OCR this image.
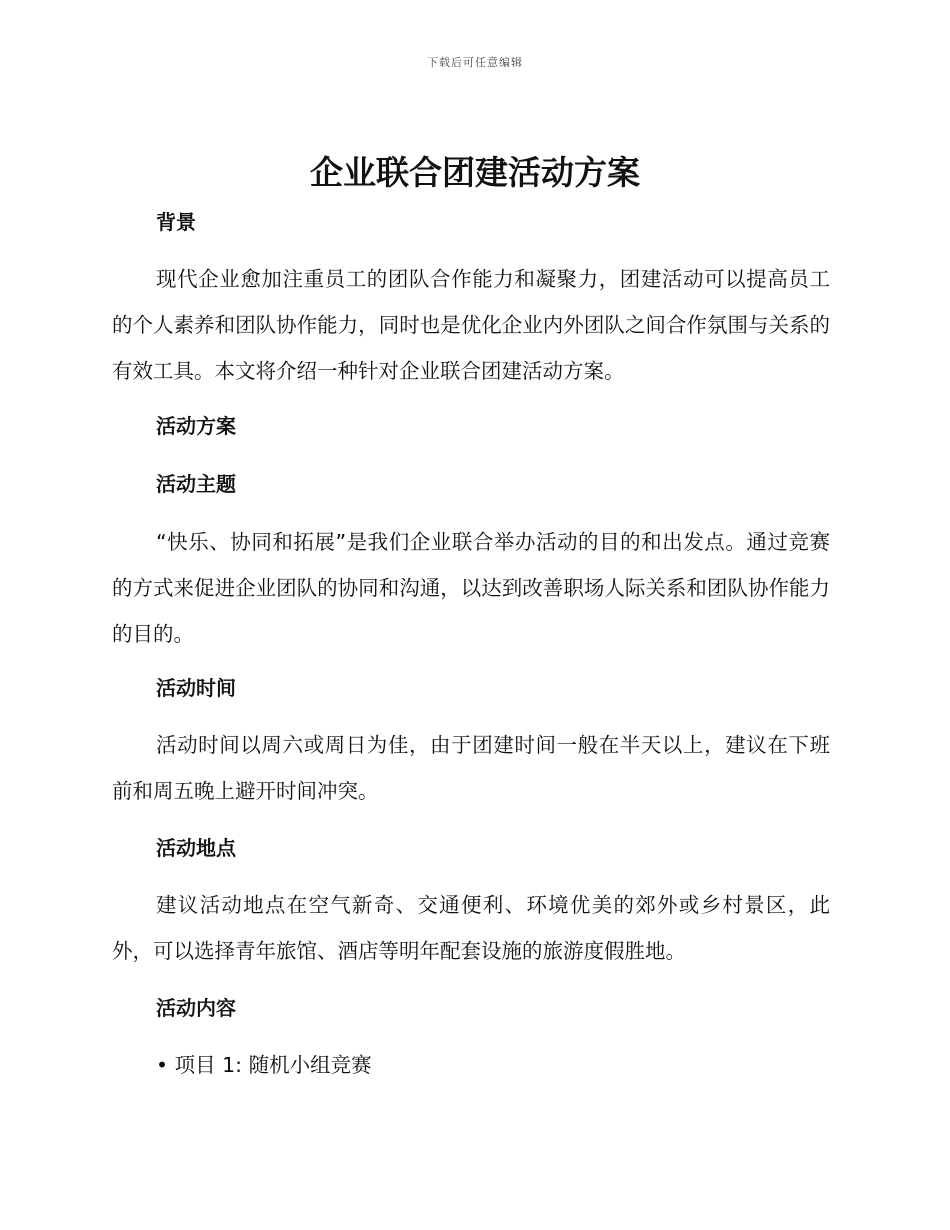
下载后可任意编辑
企业联合团建活动方案
背景

现代企业愈加注重员工的团队合作能力和凝聚力，团建活动可以提高员工的个人素养和团队协作能力，同时也是优化企业内外团队之间合作氛围与关系的有效工具。本文将介绍一种针对企业联合团建活动方案。

活动方案
活动主题

“快乐、协同和拓展”是我们企业联合举办活动的目的和出发点。通过竞赛的方式来促进企业团队的协同和沟通，以达到改善职场人际关系和团队协作能力的目的。

活动时间

活动时间以周六或周日为佳，由于团建时间一般在半天以上，建议在下班前和周五晚上避开时间冲突。

活动地点

建议活动地点在空气新奇、交通便利、环境优美的郊外或乡村景区，此外，可以选择青年旅馆、酒店等明年配套设施的旅游度假胜地。

活动内容

• 项目 1: 随机小组竞赛
